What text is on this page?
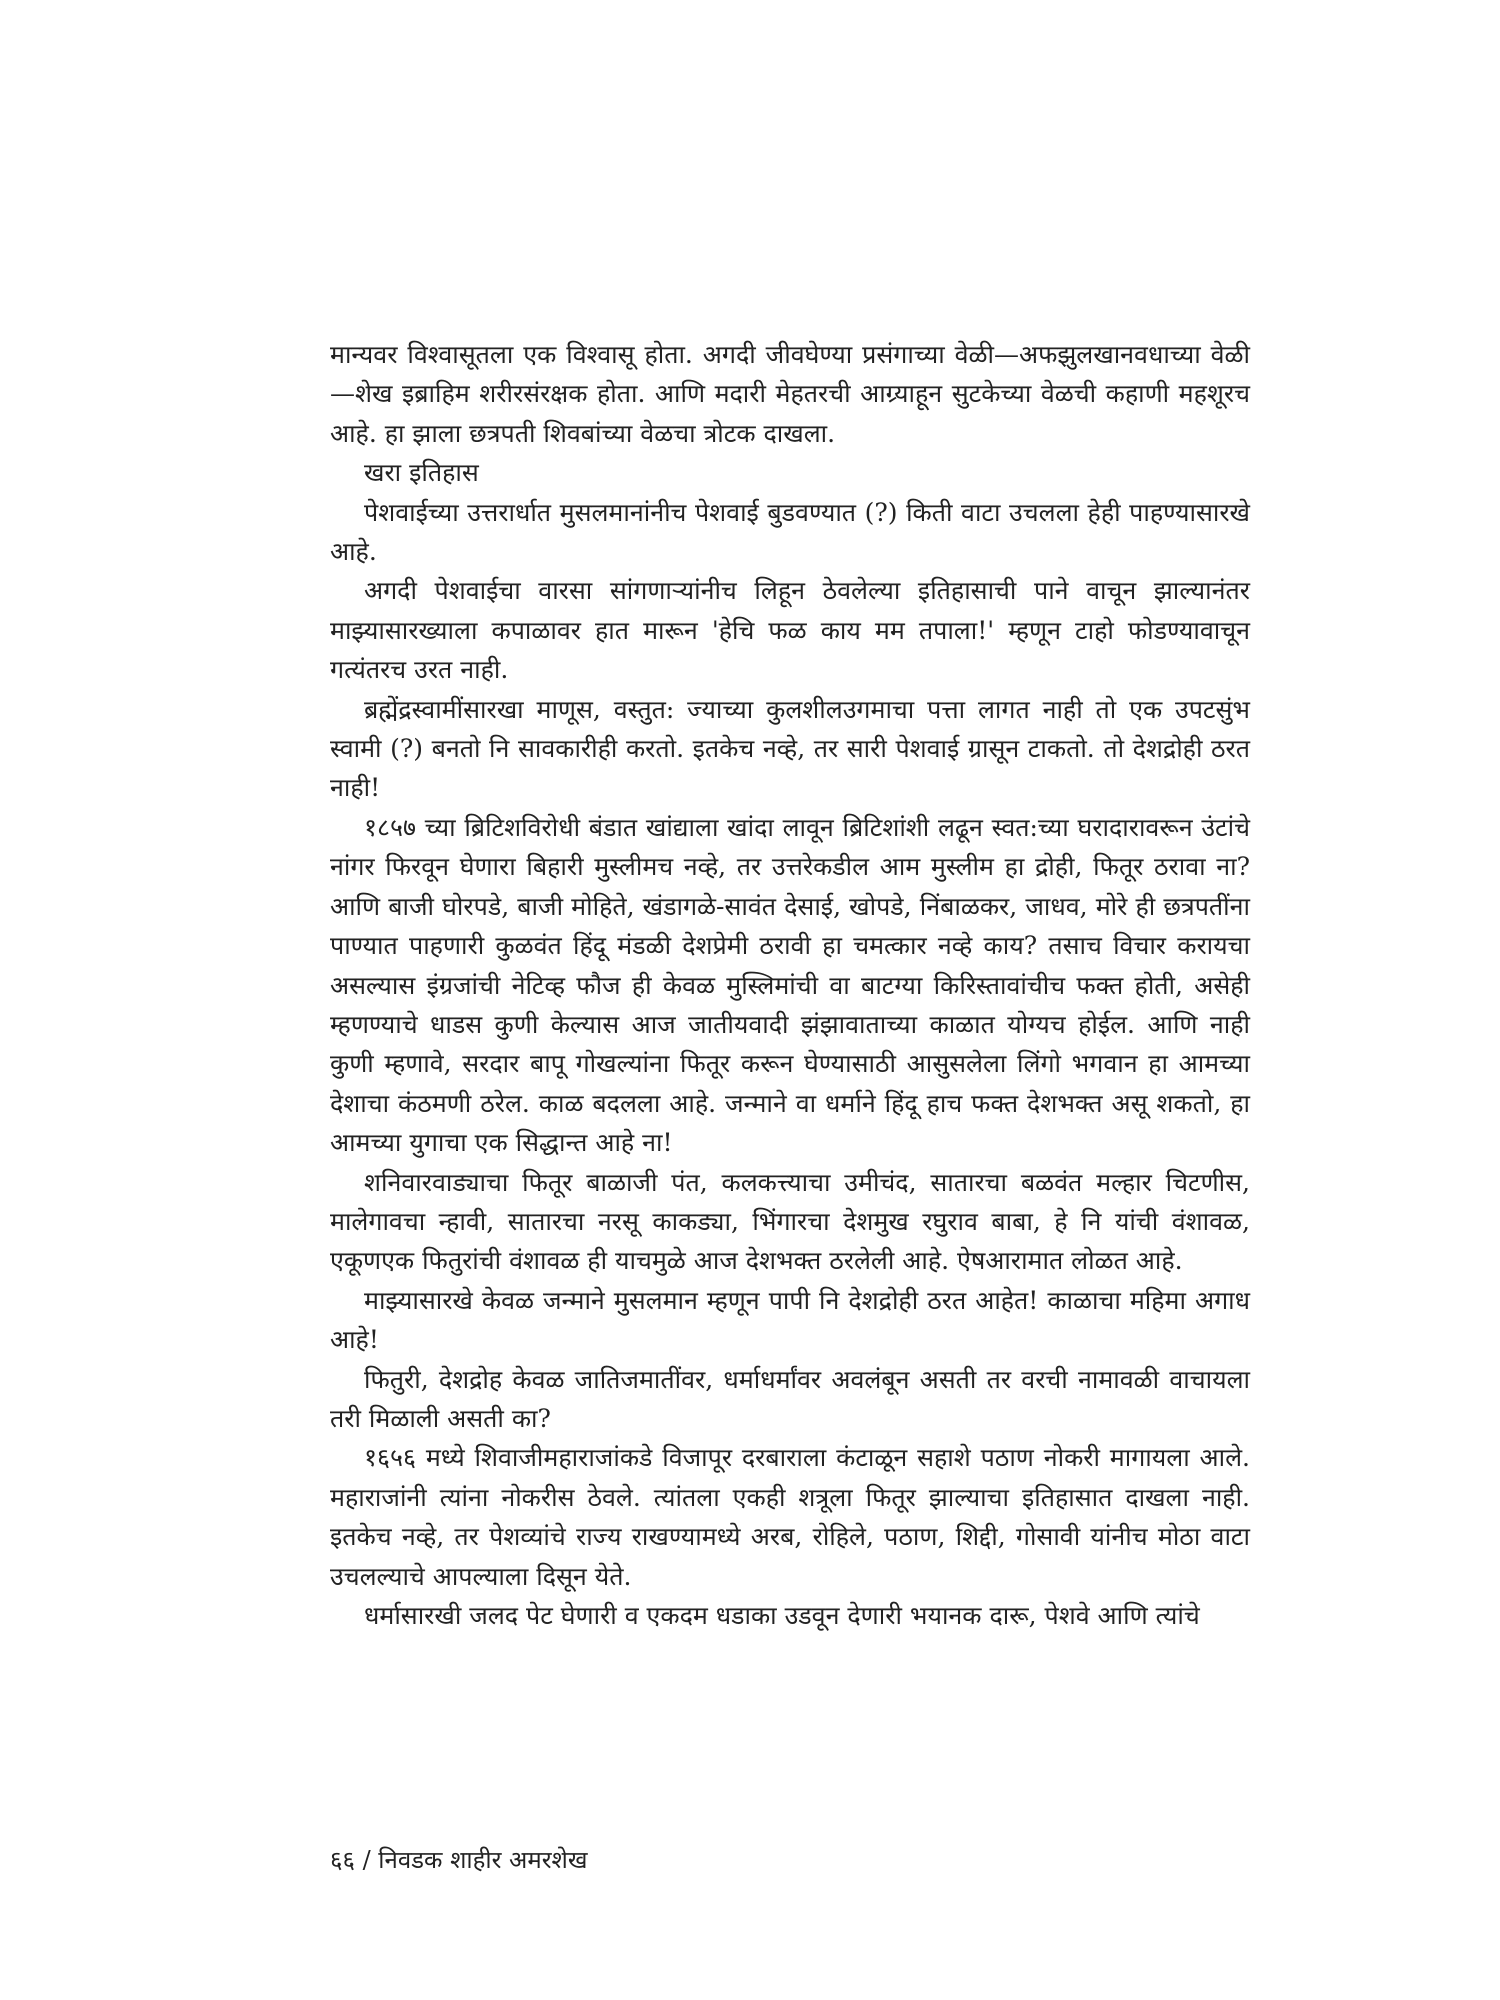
मान्यवर विश्वासूतला एक विश्वासू होता. अगदी जीवघेण्या प्रसंगाच्या वेळी—अफझुलखानवधाच्या वेळी—शेख इब्राहिम शरीरसंरक्षक होता. आणि मदारी मेहतरची आग्र्याहून सुटकेच्या वेळची कहाणी महशूरच आहे. हा झाला छत्रपती शिवबांच्या वेळचा त्रोटक दाखला.

खरा इतिहास

पेशवाईच्या उत्तरार्धात मुसलमानांनीच पेशवाई बुडवण्यात (?) किती वाटा उचलला हेही पाहण्यासारखे आहे.

अगदी पेशवाईचा वारसा सांगणाऱ्यांनीच लिहून ठेवलेल्या इतिहासाची पाने वाचून झाल्यानंतर माझ्यासारख्याला कपाळावर हात मारून 'हेचि फळ काय मम तपाला!' म्हणून टाहो फोडण्यावाचून गत्यंतरच उरत नाही.

ब्रह्मेंद्रस्वामींसारखा माणूस, वस्तुत: ज्याच्या कुलशीलउगमाचा पत्ता लागत नाही तो एक उपटसुंभ स्वामी (?) बनतो नि सावकारीही करतो. इतकेच नव्हे, तर सारी पेशवाई ग्रासून टाकतो. तो देशद्रोही ठरत नाही!

१८५७ च्या ब्रिटिशविरोधी बंडात खांद्याला खांदा लावून ब्रिटिशांशी लढून स्वत:च्या घरादारावरून उंटांचे नांगर फिरवून घेणारा बिहारी मुस्लीमच नव्हे, तर उत्तरेकडील आम मुस्लीम हा द्रोही, फितूर ठरावा ना? आणि बाजी घोरपडे, बाजी मोहिते, खंडागळे-सावंत देसाई, खोपडे, निंबाळकर, जाधव, मोरे ही छत्रपतींना पाण्यात पाहणारी कुळवंत हिंदू मंडळी देशप्रेमी ठरावी हा चमत्कार नव्हे काय? तसाच विचार करायचा असल्यास इंग्रजांची नेटिव्ह फौज ही केवळ मुस्लिमांची वा बाटग्या किरिस्तावांचीच फक्त होती, असेही म्हणण्याचे धाडस कुणी केल्यास आज जातीयवादी झंझावाताच्या काळात योग्यच होईल. आणि नाही कुणी म्हणावे, सरदार बापू गोखल्यांना फितूर करून घेण्यासाठी आसुसलेला लिंगो भगवान हा आमच्या देशाचा कंठमणी ठरेल. काळ बदलला आहे. जन्माने वा धर्माने हिंदू हाच फक्त देशभक्त असू शकतो, हा आमच्या युगाचा एक सिद्धान्त आहे ना!

शनिवारवाड्याचा फितूर बाळाजी पंत, कलकत्त्याचा उमीचंद, सातारचा बळवंत मल्हार चिटणीस, मालेगावचा न्हावी, सातारचा नरसू काकड्या, भिंगारचा देशमुख रघुराव बाबा, हे नि यांची वंशावळ, एकूणएक फितुरांची वंशावळ ही याचमुळे आज देशभक्त ठरलेली आहे. ऐषआरामात लोळत आहे.

माझ्यासारखे केवळ जन्माने मुसलमान म्हणून पापी नि देशद्रोही ठरत आहेत! काळाचा महिमा अगाध आहे!

फितुरी, देशद्रोह केवळ जातिजमातींवर, धर्माधर्मांवर अवलंबून असती तर वरची नामावळी वाचायला तरी मिळाली असती का?

१६५६ मध्ये शिवाजीमहाराजांकडे विजापूर दरबाराला कंटाळून सहाशे पठाण नोकरी मागायला आले. महाराजांनी त्यांना नोकरीस ठेवले. त्यांतला एकही शत्रूला फितूर झाल्याचा इतिहासात दाखला नाही. इतकेच नव्हे, तर पेशव्यांचे राज्य राखण्यामध्ये अरब, रोहिले, पठाण, शिद्दी, गोसावी यांनीच मोठा वाटा उचलल्याचे आपल्याला दिसून येते.

धर्मासारखी जलद पेट घेणारी व एकदम धडाका उडवून देणारी भयानक दारू, पेशवे आणि त्यांचे

६६ / निवडक शाहीर अमरशेख
